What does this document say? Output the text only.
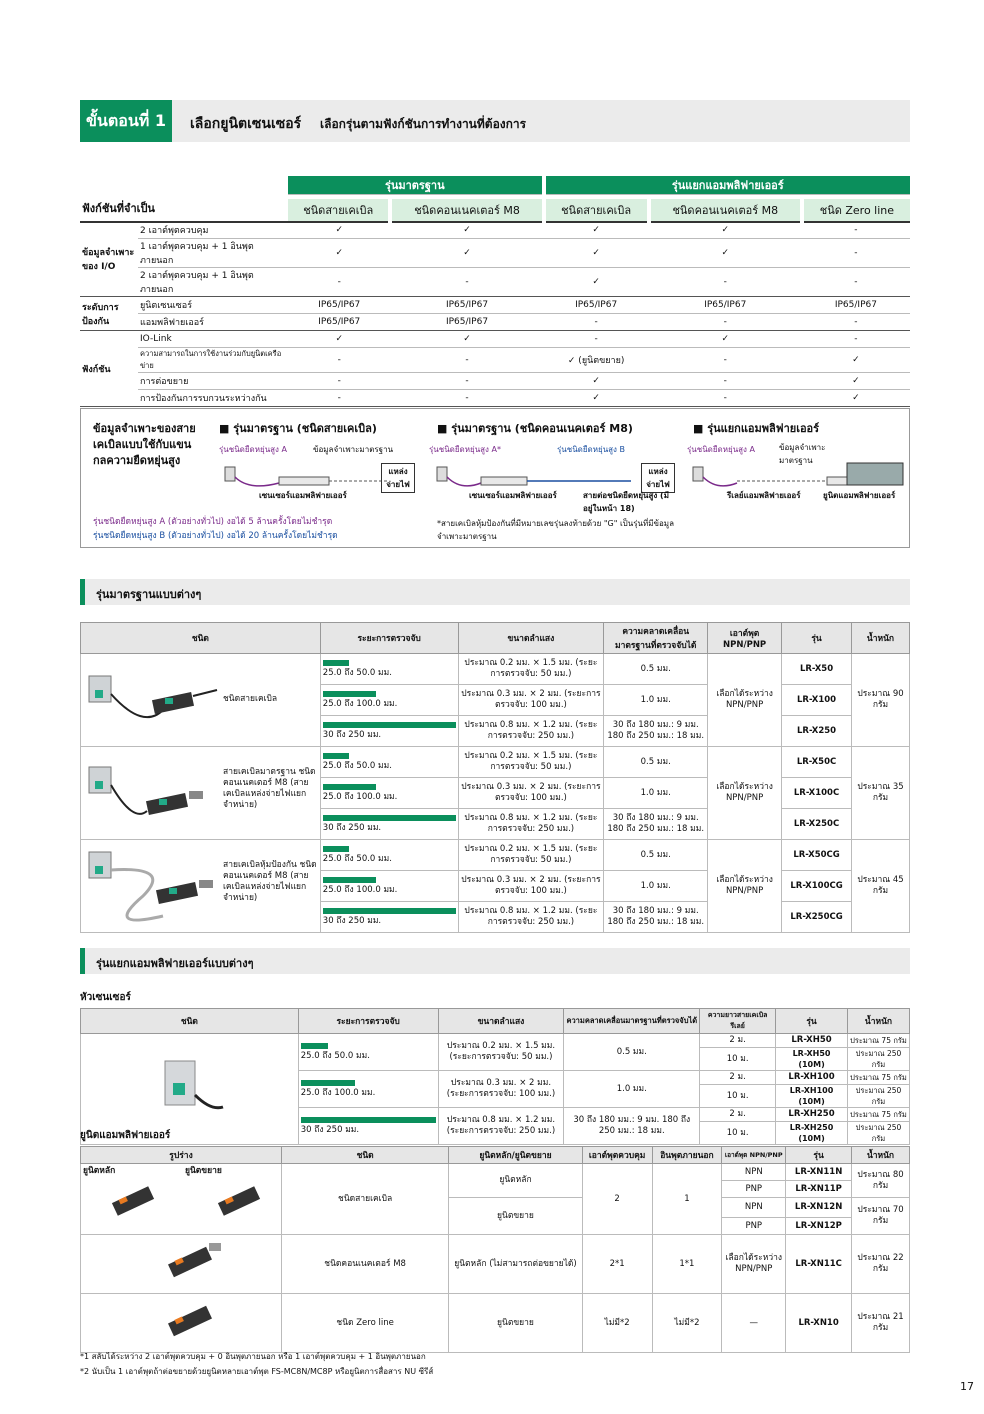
ขั้นตอนที่ 1	เลือกยูนิตเซนเซอร์ เลือกรุ่นตามฟังก์ชันการทำงานที่ต้องการ
		รุ่นมาตรฐาน		รุ่นแยกแอมพลิฟายเออร์		

ฟังก์ชันที่จำเป็น		ชนิดสายเคเบิล	ชนิดคอนเนคเตอร์ M8	ชนิดสายเคเบิล	ชนิดคอนเนคเตอร์ M8	ชนิด Zero line
ข้อมูลจำเพาะของ I/O	2 เอาต์พุตควบคุม	✓	✓	✓	✓	-
	1 เอาต์พุตควบคุม + 1 อินพุตภายนอก	✓	✓	✓	✓	-
	2 เอาต์พุตควบคุม + 1 อินพุตภายนอก	-	-	✓	-	-
ระดับการป้องกัน	ยูนิตเซนเซอร์	IP65/IP67	IP65/IP67	IP65/IP67	IP65/IP67	IP65/IP67
	แอมพลิฟายเออร์	IP65/IP67	IP65/IP67	-	-	-
ฟังก์ชัน	IO-Link	✓	✓	-	✓	-
	ความสามารถในการใช้งานร่วมกับยูนิตเครือข่าย	-	-	✓ (ยูนิตขยาย)	-	✓
	การต่อขยาย	-	-	✓	-	✓
	การป้องกันการรบกวนระหว่างกัน	-	-	✓	-	✓
ข้อมูลจำเพาะของสายเคเบิลแบบใช้กับแขนกลความยืดหยุ่นสูง
■ รุ่นมาตรฐาน (ชนิดสายเคเบิล)
รุ่นชนิดยืดหยุ่นสูง A	ข้อมูลจำเพาะมาตรฐาน
แหล่งจ่ายไฟ
เซนเซอร์แอมพลิฟายเออร์
■ รุ่นมาตรฐาน (ชนิดคอนเนคเตอร์ M8)
รุ่นชนิดยืดหยุ่นสูง A*	รุ่นชนิดยืดหยุ่นสูง B
แหล่งจ่ายไฟ
เซนเซอร์แอมพลิฟายเออร์	สายต่อชนิดยืดหยุ่นสูง (มีอยู่ในหน้า 18)
*สายเคเบิลหุ้มป้องกันที่มีหมายเลขรุ่นลงท้ายด้วย "G" เป็นรุ่นที่มีข้อมูลจำเพาะมาตรฐาน
■ รุ่นแยกแอมพลิฟายเออร์
รุ่นชนิดยืดหยุ่นสูง A	ข้อมูลจำเพาะมาตรฐาน
รีเลย์แอมพลิฟายเออร์	ยูนิตแอมพลิฟายเออร์
รุ่นชนิดยืดหยุ่นสูง A (ตัวอย่างทั่วไป) งอได้ 5 ล้านครั้งโดยไม่ชำรุด
รุ่นชนิดยืดหยุ่นสูง B (ตัวอย่างทั่วไป) งอได้ 20 ล้านครั้งโดยไม่ชำรุด
รุ่นมาตรฐานแบบต่างๆ
ชนิด	ระยะการตรวจจับ	ขนาดลำแสง	ความคลาดเคลื่อนมาตรฐานที่ตรวจจับได้	เอาต์พุต NPN/PNP	รุ่น	น้ำหนัก

ชนิดสายเคเบิล	25.0 ถึง 50.0 มม.	ประมาณ 0.2 มม. × 1.5 มม. (ระยะการตรวจจับ: 50 มม.)	0.5 มม.	เลือกได้ระหว่าง NPN/PNP	LR-X50	ประมาณ 90 กรัม

25.0 ถึง 100.0 มม.	ประมาณ 0.3 มม. × 2 มม. (ระยะการตรวจจับ: 100 มม.)	1.0 มม.		LR-X100	

30 ถึง 250 มม.	ประมาณ 0.8 มม. × 1.2 มม. (ระยะการตรวจจับ: 250 มม.)	30 ถึง 180 มม.: 9 มม. 180 ถึง 250 มม.: 18 มม.		LR-X250	

สายเคเบิลมาตรฐาน ชนิดคอนเนคเตอร์ M8 (สายเคเบิลแหล่งจ่ายไฟแยกจำหน่าย)	25.0 ถึง 50.0 มม.	ประมาณ 0.2 มม. × 1.5 มม. (ระยะการตรวจจับ: 50 มม.)	0.5 มม.	เลือกได้ระหว่าง NPN/PNP	LR-X50C	ประมาณ 35 กรัม

25.0 ถึง 100.0 มม.	ประมาณ 0.3 มม. × 2 มม. (ระยะการตรวจจับ: 100 มม.)	1.0 มม.		LR-X100C	

30 ถึง 250 มม.	ประมาณ 0.8 มม. × 1.2 มม. (ระยะการตรวจจับ: 250 มม.)	30 ถึง 180 มม.: 9 มม. 180 ถึง 250 มม.: 18 มม.		LR-X250C	

สายเคเบิลหุ้มป้องกัน ชนิดคอนเนคเตอร์ M8 (สายเคเบิลแหล่งจ่ายไฟแยกจำหน่าย)	25.0 ถึง 50.0 มม.	ประมาณ 0.2 มม. × 1.5 มม. (ระยะการตรวจจับ: 50 มม.)	0.5 มม.	เลือกได้ระหว่าง NPN/PNP	LR-X50CG	ประมาณ 45 กรัม

25.0 ถึง 100.0 มม.	ประมาณ 0.3 มม. × 2 มม. (ระยะการตรวจจับ: 100 มม.)	1.0 มม.		LR-X100CG	

30 ถึง 250 มม.	ประมาณ 0.8 มม. × 1.2 มม. (ระยะการตรวจจับ: 250 มม.)	30 ถึง 180 มม.: 9 มม. 180 ถึง 250 มม.: 18 มม.		LR-X250CG	
รุ่นแยกแอมพลิฟายเออร์แบบต่างๆ
หัวเซนเซอร์
ชนิด	ระยะการตรวจจับ	ขนาดลำแสง	ความคลาดเคลื่อนมาตรฐานที่ตรวจจับได้	ความยาวสายเคเบิลรีเลย์	รุ่น	น้ำหนัก

25.0 ถึง 50.0 มม.	ประมาณ 0.2 มม. × 1.5 มม. (ระยะการตรวจจับ: 50 มม.)	0.5 มม.	2 ม.	LR-XH50	ประมาณ 75 กรัม
				10 ม.	LR-XH50 (10M)	ประมาณ 250 กรัม

25.0 ถึง 100.0 มม.	ประมาณ 0.3 มม. × 2 มม. (ระยะการตรวจจับ: 100 มม.)	1.0 มม.	2 ม.	LR-XH100	ประมาณ 75 กรัม
				10 ม.	LR-XH100 (10M)	ประมาณ 250 กรัม

30 ถึง 250 มม.	ประมาณ 0.8 มม. × 1.2 มม. (ระยะการตรวจจับ: 250 มม.)	30 ถึง 180 มม.: 9 มม. 180 ถึง 250 มม.: 18 มม.	2 ม.	LR-XH250	ประมาณ 75 กรัม
				10 ม.	LR-XH250 (10M)	ประมาณ 250 กรัม
ยูนิตแอมพลิฟายเออร์
รูปร่าง	ชนิด	ยูนิตหลัก/ยูนิตขยาย	เอาต์พุตควบคุม	อินพุตภายนอก	เอาต์พุต NPN/PNP	รุ่น	น้ำหนัก

ยูนิตหลัก ยูนิตขยาย	ชนิดสายเคเบิล	ยูนิตหลัก	2	1	NPN	LR-XN11N	ประมาณ 80 กรัม
					PNP	LR-XN11P	
		ยูนิตขยาย			NPN	LR-XN12N	ประมาณ 70 กรัม
					PNP	LR-XN12P	
	ชนิดคอนเนคเตอร์ M8	ยูนิตหลัก (ไม่สามารถต่อขยายได้)	2*1	1*1	เลือกได้ระหว่าง NPN/PNP	LR-XN11C	ประมาณ 22 กรัม
	ชนิด Zero line	ยูนิตขยาย	ไม่มี*2	ไม่มี*2	—	LR-XN10	ประมาณ 21 กรัม
*1 สลับได้ระหว่าง 2 เอาต์พุตควบคุม + 0 อินพุตภายนอก หรือ 1 เอาต์พุตควบคุม + 1 อินพุตภายนอก
*2 นับเป็น 1 เอาต์พุตถ้าต่อขยายด้วยยูนิตหลายเอาต์พุต FS-MC8N/MC8P หรือยูนิตการสื่อสาร NU ซีรีส์
17
